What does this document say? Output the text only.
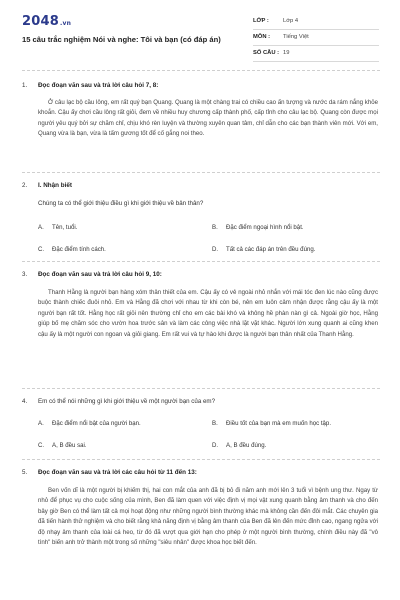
2048.vn
15 câu trắc nghiệm Nói và nghe: Tôi và bạn (có đáp án)
LỚP : Lớp 4
MÔN : Tiếng Việt
SỐ CÂU : 19
1. Đọc đoạn văn sau và trả lời câu hỏi 7, 8:

Ở câu lạc bộ cầu lông, em rất quý bạn Quang. Quang là một chàng trai có chiều cao ấn tượng và nước da rám nắng khỏe khoắn. Cậu ấy chơi cầu lông rất giỏi, đem về nhiều huy chương cấp thành phố, cấp tỉnh cho câu lạc bộ. Quang còn được mọi người yêu quý bởi sự chăm chỉ, chịu khó rèn luyện và thường xuyên quan tâm, chỉ dẫn cho các bạn thành viên mới. Với em, Quang vừa là bạn, vừa là tấm gương tốt để cố gắng noi theo.

2. I. Nhận biết
Chúng ta có thể giới thiệu điều gì khi giới thiệu về bản thân?
A. Tên, tuổi.	B. Đặc điểm ngoại hình nổi bật.
C. Đặc điểm tính cách.	D. Tất cả các đáp án trên đều đúng.
3. Đọc đoạn văn sau và trả lời câu hỏi 9, 10:

Thanh Hằng là người bạn hàng xóm thân thiết của em. Cậu ấy có vẻ ngoài nhỏ nhắn với mái tóc đen lúc nào cũng được buộc thành chiếc đuôi nhỏ. Em và Hằng đã chơi với nhau từ khi còn bé, nên em luôn cảm nhận được rằng cậu ấy là một người bạn rất tốt. Hằng học rất giỏi nên thường chỉ cho em các bài khó và không hề phàn nàn gì cả. Ngoài giờ học, Hằng giúp bố mẹ chăm sóc cho vườn hoa trước sân và làm các công việc nhà lặt vặt khác. Người lớn xung quanh ai cũng khen cậu ấy là một người con ngoan và giỏi giang. Em rất vui và tự hào khi được là người bạn thân nhất của Thanh Hằng.

4. Em có thể nói những gì khi giới thiệu về một người bạn của em?
A. Đặc điểm nổi bật của người bạn.	B. Điều tốt của bạn mà em muốn học tập.
C. A, B đều sai.	D. A, B đều đúng.
5. Đọc đoạn văn sau và trả lời các câu hỏi từ 11 đến 13:

Ben vốn dĩ là một người bị khiếm thị, hai con mắt của anh đã bị bỏ đi năm anh mới lên 3 tuổi vì bệnh ung thư. Ngay từ nhỏ để phục vụ cho cuộc sống của mình, Ben đã làm quen với việc định vị mọi vật xung quanh bằng âm thanh và cho đến bây giờ Ben có thể làm tất cả mọi hoạt động như những người bình thường khác mà không cần đến đôi mắt. Các chuyên gia đã tiến hành thử nghiệm và cho biết rằng khả năng định vị bằng âm thanh của Ben đã lên đến mức đỉnh cao, ngang ngửa với độ nhạy âm thanh của loài cá heo, từ đó đã vượt qua giới hạn cho phép ở một người bình thường, chính điều này đã "vô tình" biến anh trở thành một trong số những "siêu nhân" được khoa học biết đến.
